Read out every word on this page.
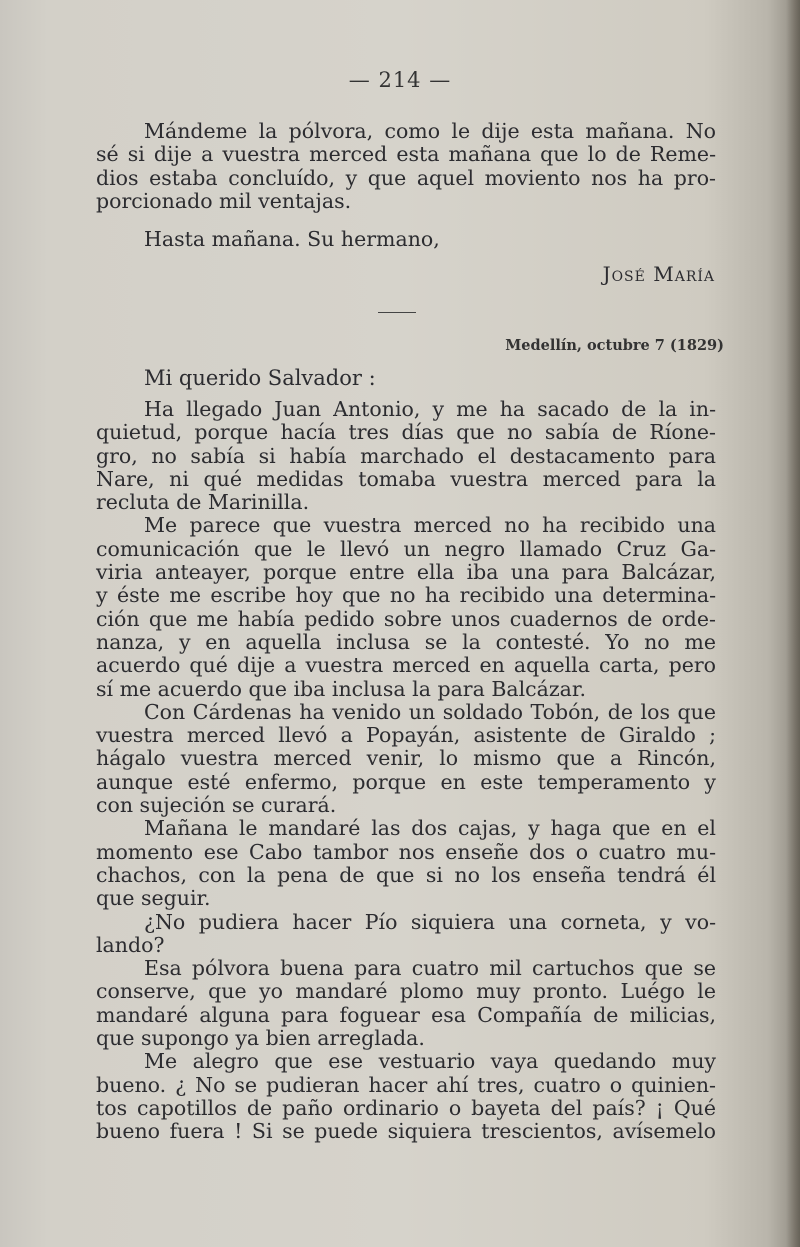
— 214 —
Mándeme la pólvora, como le dije esta mañana. No
sé si dije a vuestra merced esta mañana que lo de Reme-
dios estaba concluído, y que aquel moviento nos ha pro-
porcionado mil ventajas.
Hasta mañana. Su hermano,
José María
Medellín, octubre 7 (1829)
Mi querido Salvador :
Ha llegado Juan Antonio, y me ha sacado de la in-
quietud, porque hacía tres días que no sabía de Ríone-
gro, no sabía si había marchado el destacamento para
Nare, ni qué medidas tomaba vuestra merced para la
recluta de Marinilla.
Me parece que vuestra merced no ha recibido una
comunicación que le llevó un negro llamado Cruz Ga-
viria anteayer, porque entre ella iba una para Balcázar,
y éste me escribe hoy que no ha recibido una determina-
ción que me había pedido sobre unos cuadernos de orde-
nanza, y en aquella inclusa se la contesté. Yo no me
acuerdo qué dije a vuestra merced en aquella carta, pero
sí me acuerdo que iba inclusa la para Balcázar.
Con Cárdenas ha venido un soldado Tobón, de los que
vuestra merced llevó a Popayán, asistente de Giraldo ;
hágalo vuestra merced venir, lo mismo que a Rincón,
aunque esté enfermo, porque en este temperamento y
con sujeción se curará.
Mañana le mandaré las dos cajas, y haga que en el
momento ese Cabo tambor nos enseñe dos o cuatro mu-
chachos, con la pena de que si no los enseña tendrá él
que seguir.
¿No pudiera hacer Pío siquiera una corneta, y vo-
lando?
Esa pólvora buena para cuatro mil cartuchos que se
conserve, que yo mandaré plomo muy pronto. Luégo le
mandaré alguna para foguear esa Compañía de milicias,
que supongo ya bien arreglada.
Me alegro que ese vestuario vaya quedando muy
bueno. ¿ No se pudieran hacer ahí tres, cuatro o quinien-
tos capotillos de paño ordinario o bayeta del país? ¡ Qué
bueno fuera ! Si se puede siquiera trescientos, avísemelo
